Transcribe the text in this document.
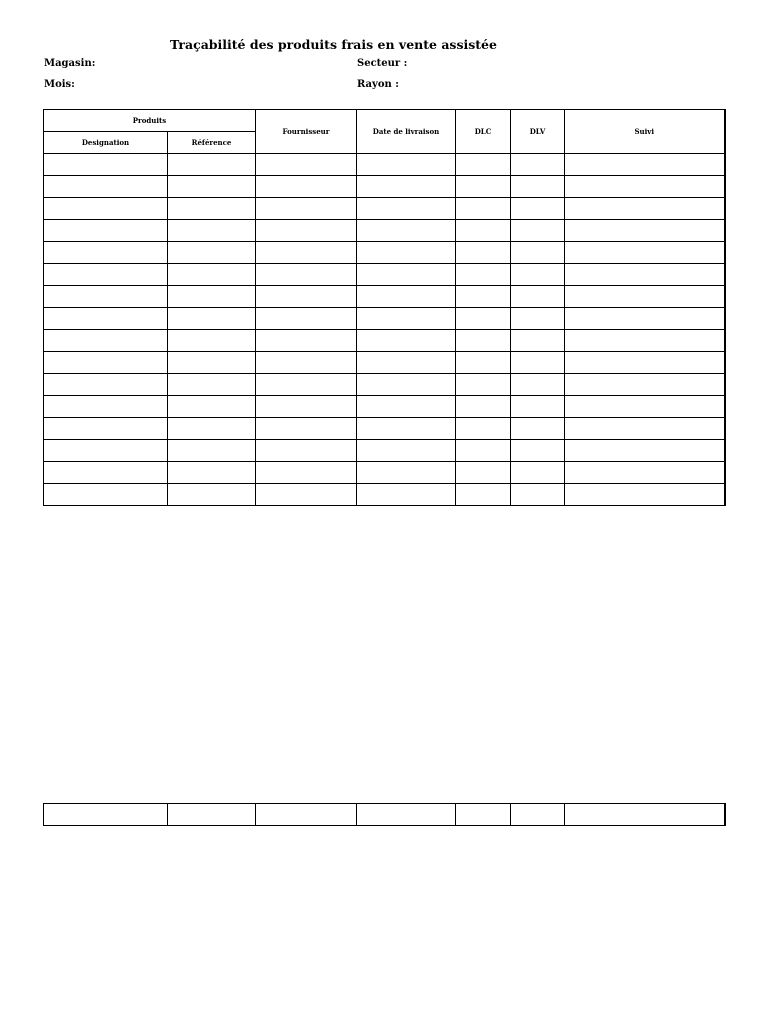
Traçabilité des produits frais en vente assistée
Magasin:	Secteur :
Mois:	Rayon :
Produits		Fournisseur	Date de livraison	DLC	DLV	Suivi
Designation	Référence					
